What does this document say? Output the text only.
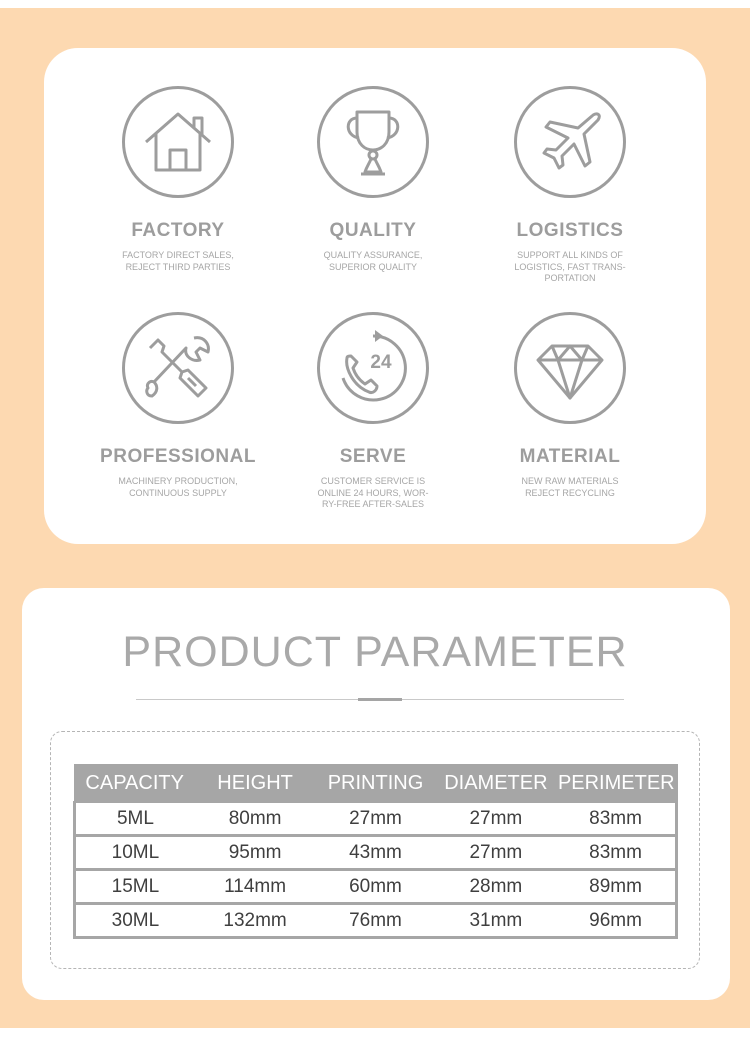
FACTORY
FACTORY DIRECT SALES,
REJECT THIRD PARTIES
QUALITY
QUALITY ASSURANCE,
SUPERIOR QUALITY
LOGISTICS
SUPPORT ALL KINDS OF
LOGISTICS, FAST TRANS-
PORTATION
PROFESSIONAL
MACHINERY PRODUCTION,
CONTINUOUS SUPPLY
24
SERVE
CUSTOMER SERVICE IS
ONLINE 24 HOURS, WOR-
RY-FREE AFTER-SALES
MATERIAL
NEW RAW MATERIALS
REJECT RECYCLING
PRODUCT PARAMETER
CAPACITY	HEIGHT	PRINTING	DIAMETER	PERIMETER
5ML	80mm	27mm	27mm	83mm
10ML	95mm	43mm	27mm	83mm
15ML	114mm	60mm	28mm	89mm
30ML	132mm	76mm	31mm	96mm
